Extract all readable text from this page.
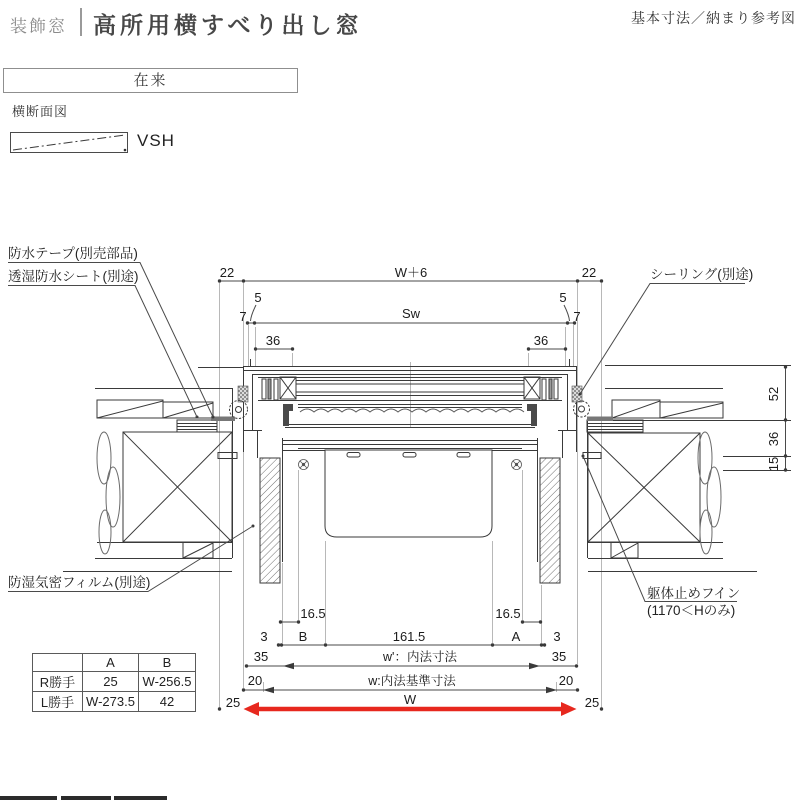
装飾窓 高所用横すべり出し窓	基本寸法／納まり参考図
在来
横断面図
VSH
22	W＋6	22
5	5
7	7
Sw
36	36
52
36
15
16.5	16.5
3 B	161.5	A	3
35	w'：内法寸法	35
20	w:内法基準寸法	20
25	W	25
防水テープ(別売部品)
透湿防水シート(別途)	シーリング(別途)
防湿気密フィルム(別途)
躯体止めフイン
(1170＜Hのみ)
	A	B
R勝手	25	W-256.5
L勝手	W-273.5	42
